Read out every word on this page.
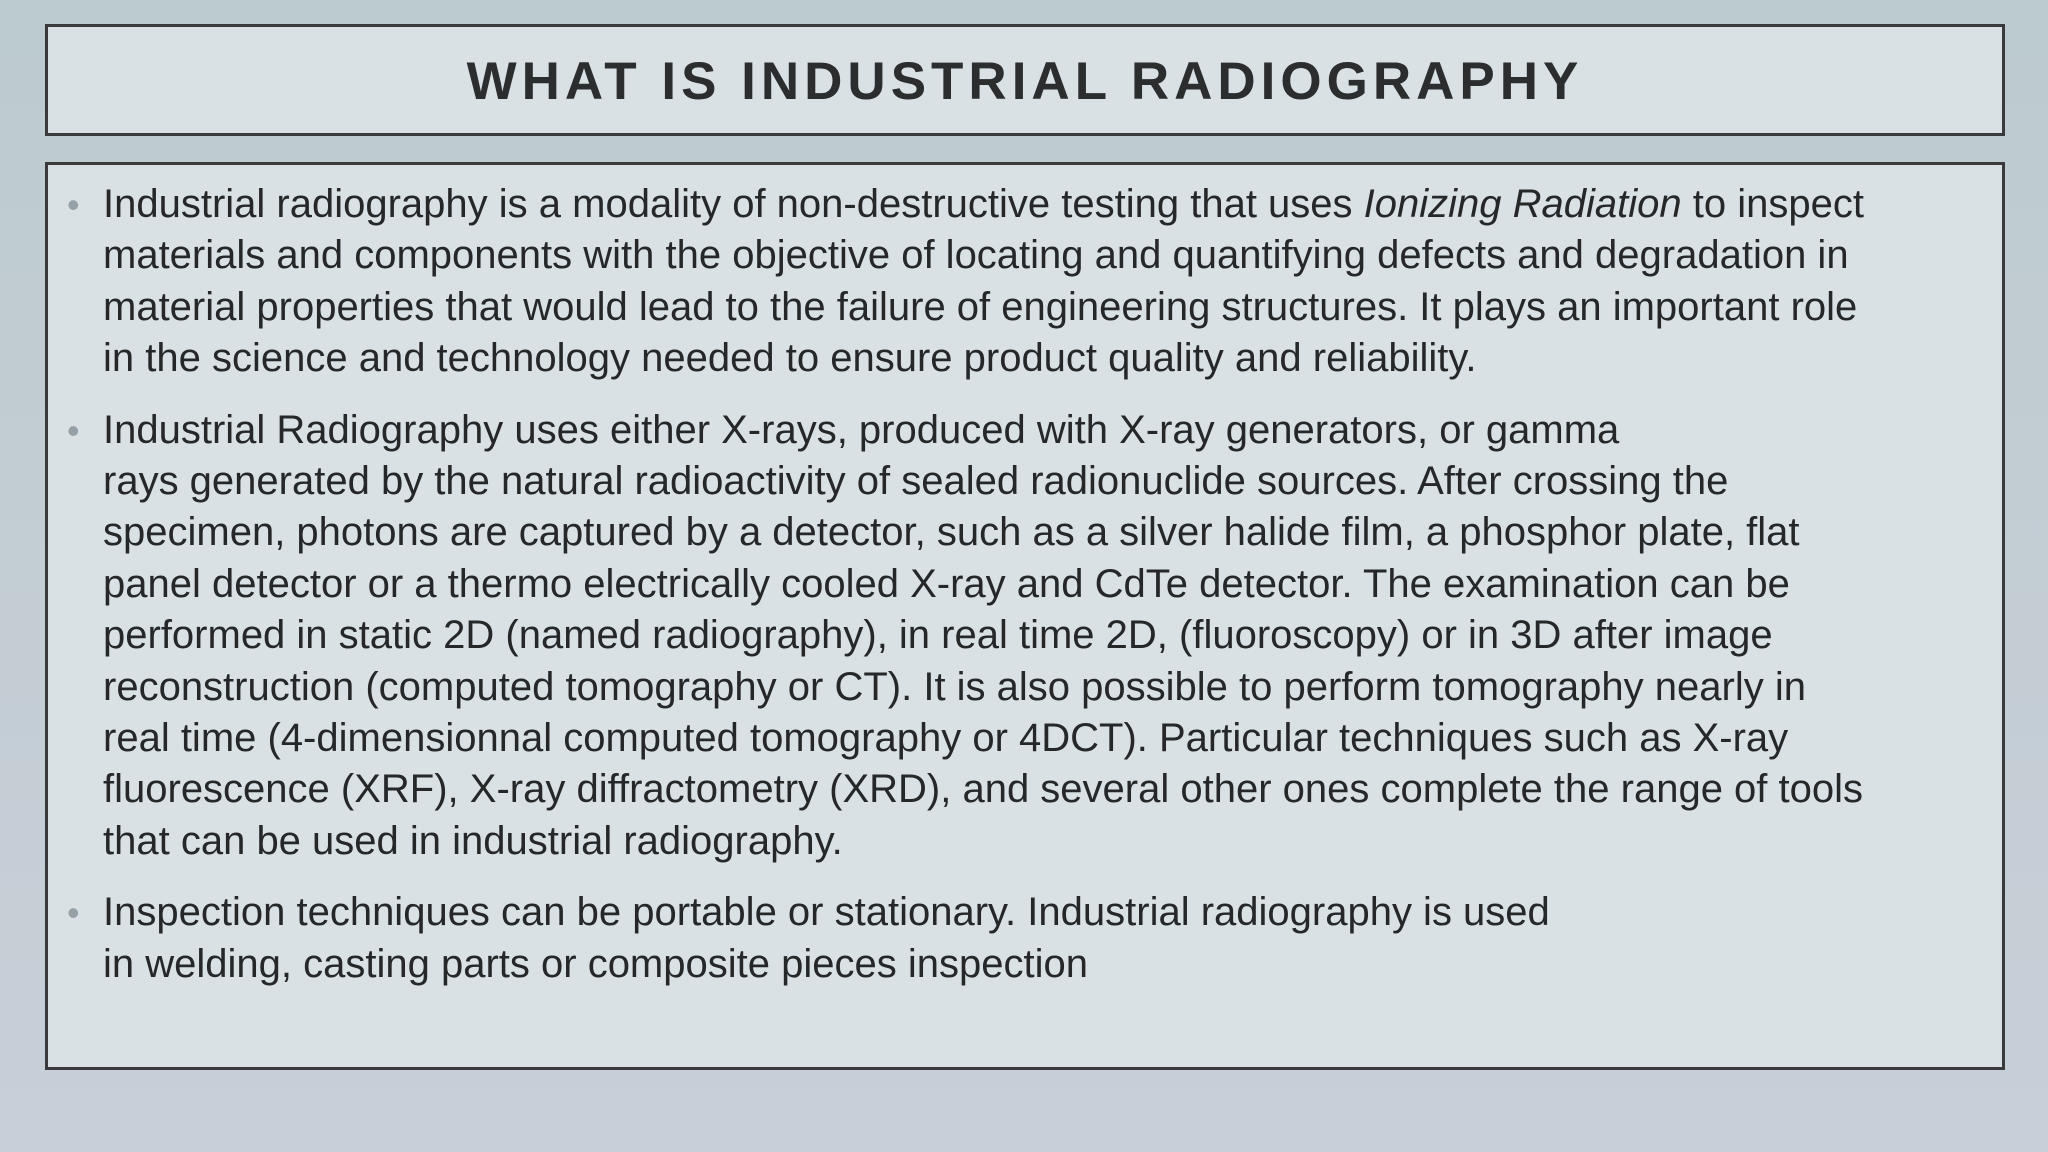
WHAT IS INDUSTRIAL RADIOGRAPHY
• Industrial radiography is a modality of non-destructive testing that uses Ionizing Radiation to inspect
materials and components with the objective of locating and quantifying defects and degradation in
material properties that would lead to the failure of engineering structures. It plays an important role
in the science and technology needed to ensure product quality and reliability.
• Industrial Radiography uses either X-rays, produced with X-ray generators, or gamma
rays generated by the natural radioactivity of sealed radionuclide sources. After crossing the
specimen, photons are captured by a detector, such as a silver halide film, a phosphor plate, flat
panel detector or a thermo electrically cooled X-ray and CdTe detector. The examination can be
performed in static 2D (named radiography), in real time 2D, (fluoroscopy) or in 3D after image
reconstruction (computed tomography or CT). It is also possible to perform tomography nearly in
real time (4-dimensionnal computed tomography or 4DCT). Particular techniques such as X-ray
fluorescence (XRF), X-ray diffractometry (XRD), and several other ones complete the range of tools
that can be used in industrial radiography.
• Inspection techniques can be portable or stationary. Industrial radiography is used
in welding, casting parts or composite pieces inspection
